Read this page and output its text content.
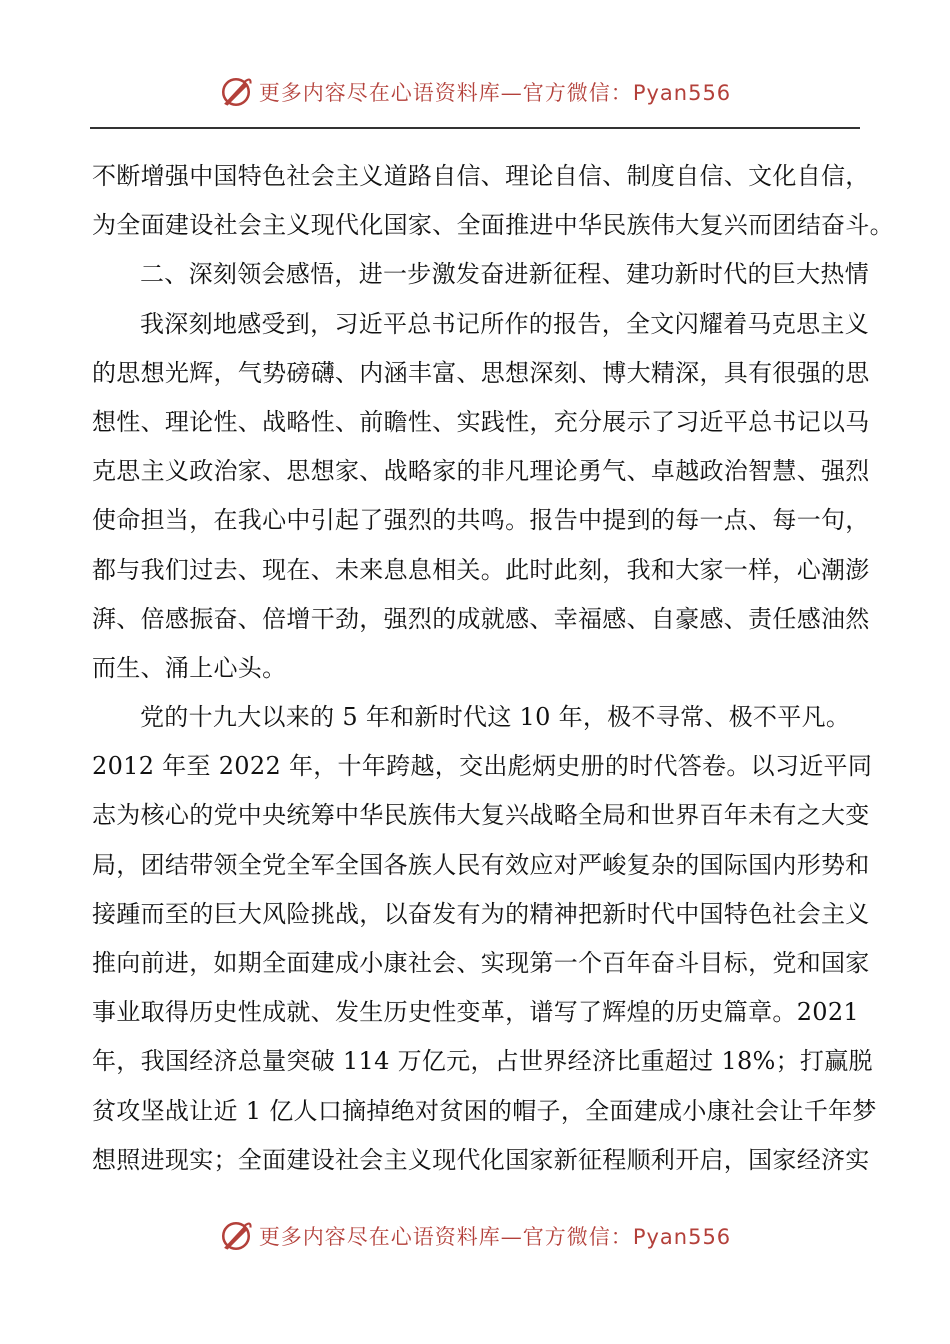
更多内容尽在心语资料库—官方微信：Pyan556
不断增强中国特色社会主义道路自信、理论自信、制度自信、文化自信，
为全面建设社会主义现代化国家、全面推进中华民族伟大复兴而团结奋斗。
二、深刻领会感悟，进一步激发奋进新征程、建功新时代的巨大热情
我深刻地感受到，习近平总书记所作的报告，全文闪耀着马克思主义
的思想光辉，气势磅礴、内涵丰富、思想深刻、博大精深，具有很强的思
想性、理论性、战略性、前瞻性、实践性，充分展示了习近平总书记以马
克思主义政治家、思想家、战略家的非凡理论勇气、卓越政治智慧、强烈
使命担当，在我心中引起了强烈的共鸣。报告中提到的每一点、每一句，
都与我们过去、现在、未来息息相关。此时此刻，我和大家一样，心潮澎
湃、倍感振奋、倍增干劲，强烈的成就感、幸福感、自豪感、责任感油然
而生、涌上心头。
党的十九大以来的 5 年和新时代这 10 年，极不寻常、极不平凡。
2012 年至 2022 年，十年跨越，交出彪炳史册的时代答卷。以习近平同
志为核心的党中央统筹中华民族伟大复兴战略全局和世界百年未有之大变
局，团结带领全党全军全国各族人民有效应对严峻复杂的国际国内形势和
接踵而至的巨大风险挑战，以奋发有为的精神把新时代中国特色社会主义
推向前进，如期全面建成小康社会、实现第一个百年奋斗目标，党和国家
事业取得历史性成就、发生历史性变革，谱写了辉煌的历史篇章。2021
年，我国经济总量突破 114 万亿元，占世界经济比重超过 18%；打赢脱
贫攻坚战让近 1 亿人口摘掉绝对贫困的帽子，全面建成小康社会让千年梦
想照进现实；全面建设社会主义现代化国家新征程顺利开启，国家经济实
更多内容尽在心语资料库—官方微信：Pyan556
